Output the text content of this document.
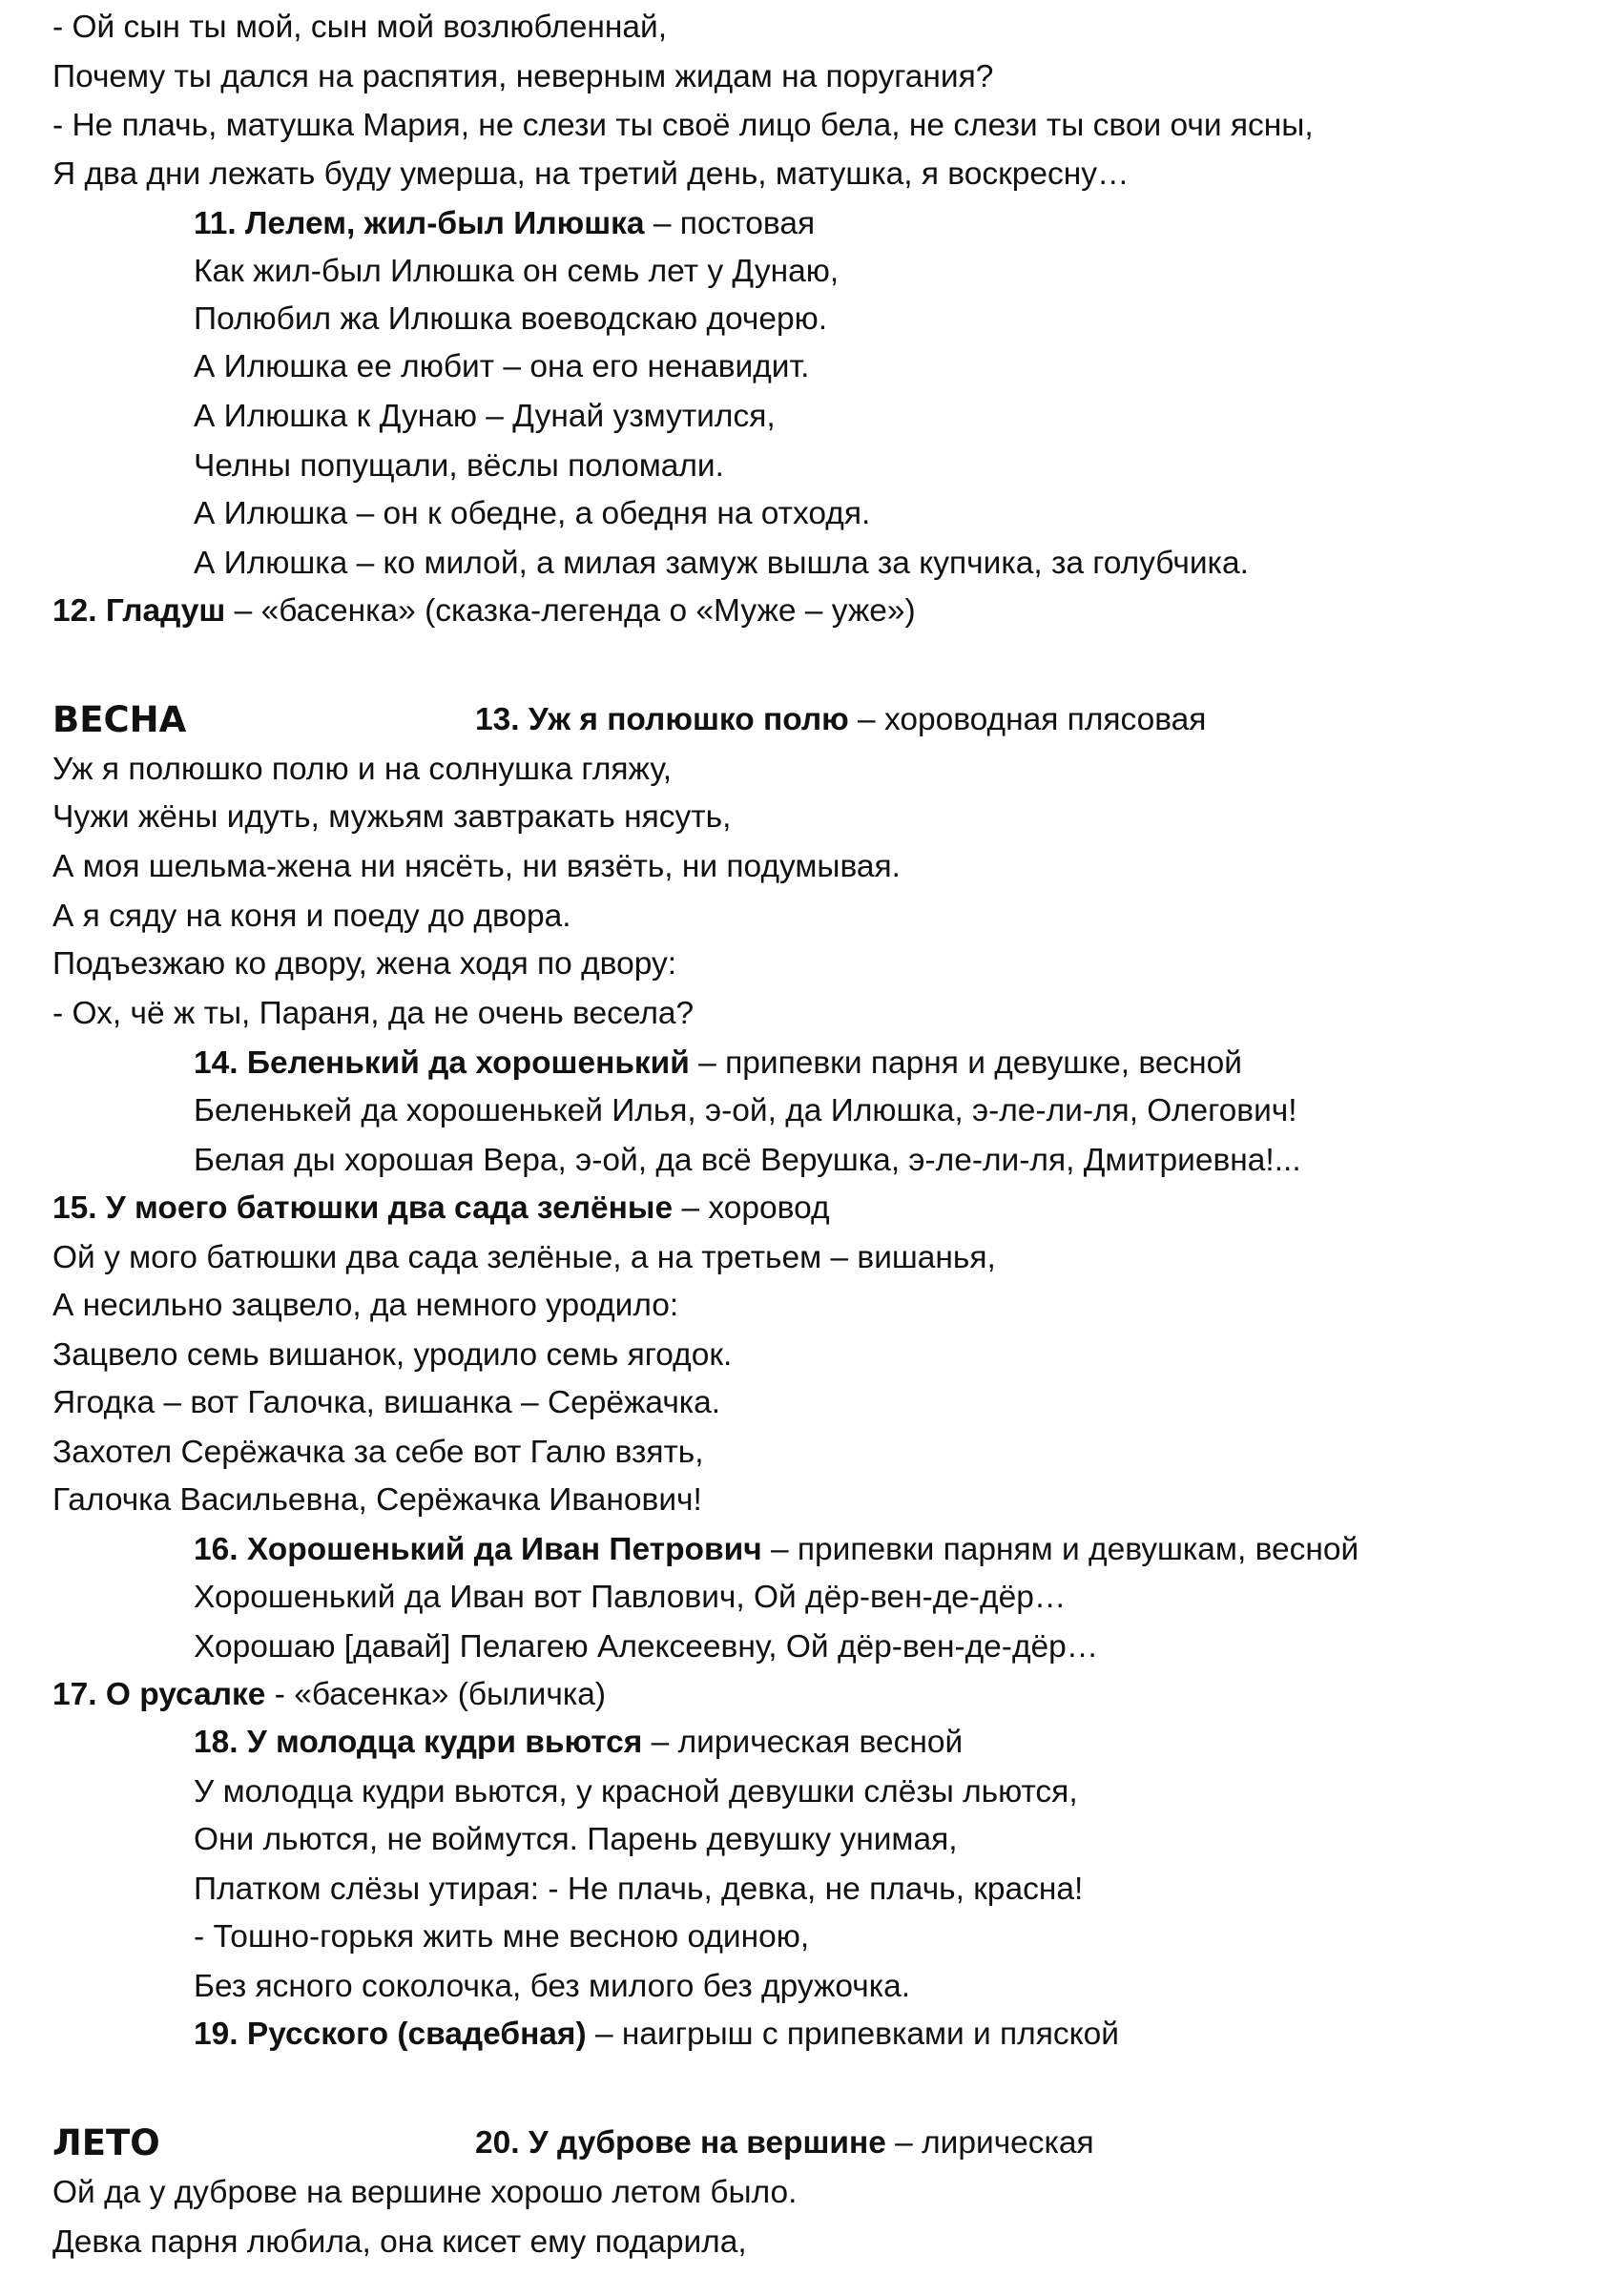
- Ой сын ты мой, сын мой возлюбленнай,
Почему ты дался на распятия, неверным жидам на поругания?
- Не плачь, матушка Мария, не слези ты своё лицо бела, не слези ты свои очи ясны,
Я два дни лежать буду умерша, на третий день, матушка, я воскресну…
11. Лелем, жил-был Илюшка – постовая
Как жил-был Илюшка он семь лет у Дунаю,
Полюбил жа Илюшка воеводскаю дочерю.
А Илюшка ее любит – она его ненавидит.
А Илюшка к Дунаю – Дунай узмутился,
Челны попущали, вёслы поломали.
А Илюшка – он к обедне, а обедня на отходя.
А Илюшка – ко милой, а милая замуж вышла за купчика, за голубчика.
12. Гладуш – «басенка» (сказка-легенда о «Муже – уже»)
ВЕСНА	13. Уж я полюшко полю – хороводная плясовая
Уж я полюшко полю и на солнушка гляжу,
Чужи жёны идуть, мужьям завтракать нясуть,
А моя шельма-жена ни нясёть, ни вязёть, ни подумывая.
А я сяду на коня и поеду до двора.
Подъезжаю ко двору, жена ходя по двору:
- Ох, чё ж ты, Параня, да не очень весела?
14. Беленький да хорошенький – припевки парня и девушке, весной
Беленькей да хорошенькей Илья, э-ой, да Илюшка, э-ле-ли-ля, Олегович!
Белая ды хорошая Вера, э-ой, да всё Верушка, э-ле-ли-ля, Дмитриевна!...
15. У моего батюшки два сада зелёные – хоровод
Ой у мого батюшки два сада зелёные, а на третьем – вишанья,
А несильно зацвело, да немного уродило:
Зацвело семь вишанок, уродило семь ягодок.
Ягодка – вот Галочка, вишанка – Серёжачка.
Захотел Серёжачка за себе вот Галю взять,
Галочка Васильевна, Серёжачка Иванович!
16. Хорошенький да Иван Петрович – припевки парням и девушкам, весной
Хорошенький да Иван вот Павлович, Ой дёр-вен-де-дёр…
Хорошаю [давай] Пелагею Алексеевну, Ой дёр-вен-де-дёр…
17. О русалке - «басенка» (быличка)
18. У молодца кудри вьются – лирическая весной
У молодца кудри вьются, у красной девушки слёзы льются,
Они льются, не воймутся. Парень девушку унимая,
Платком слёзы утирая: - Не плачь, девка, не плачь, красна!
- Тошно-горькя жить мне весною одиною,
Без ясного соколочка, без милого без дружочка.
19. Русского (свадебная) – наигрыш с припевками и пляской
ЛЕТО	20. У дуброве на вершине – лирическая
Ой да у дуброве на вершине хорошо летом было.
Девка парня любила, она кисет ему подарила,
